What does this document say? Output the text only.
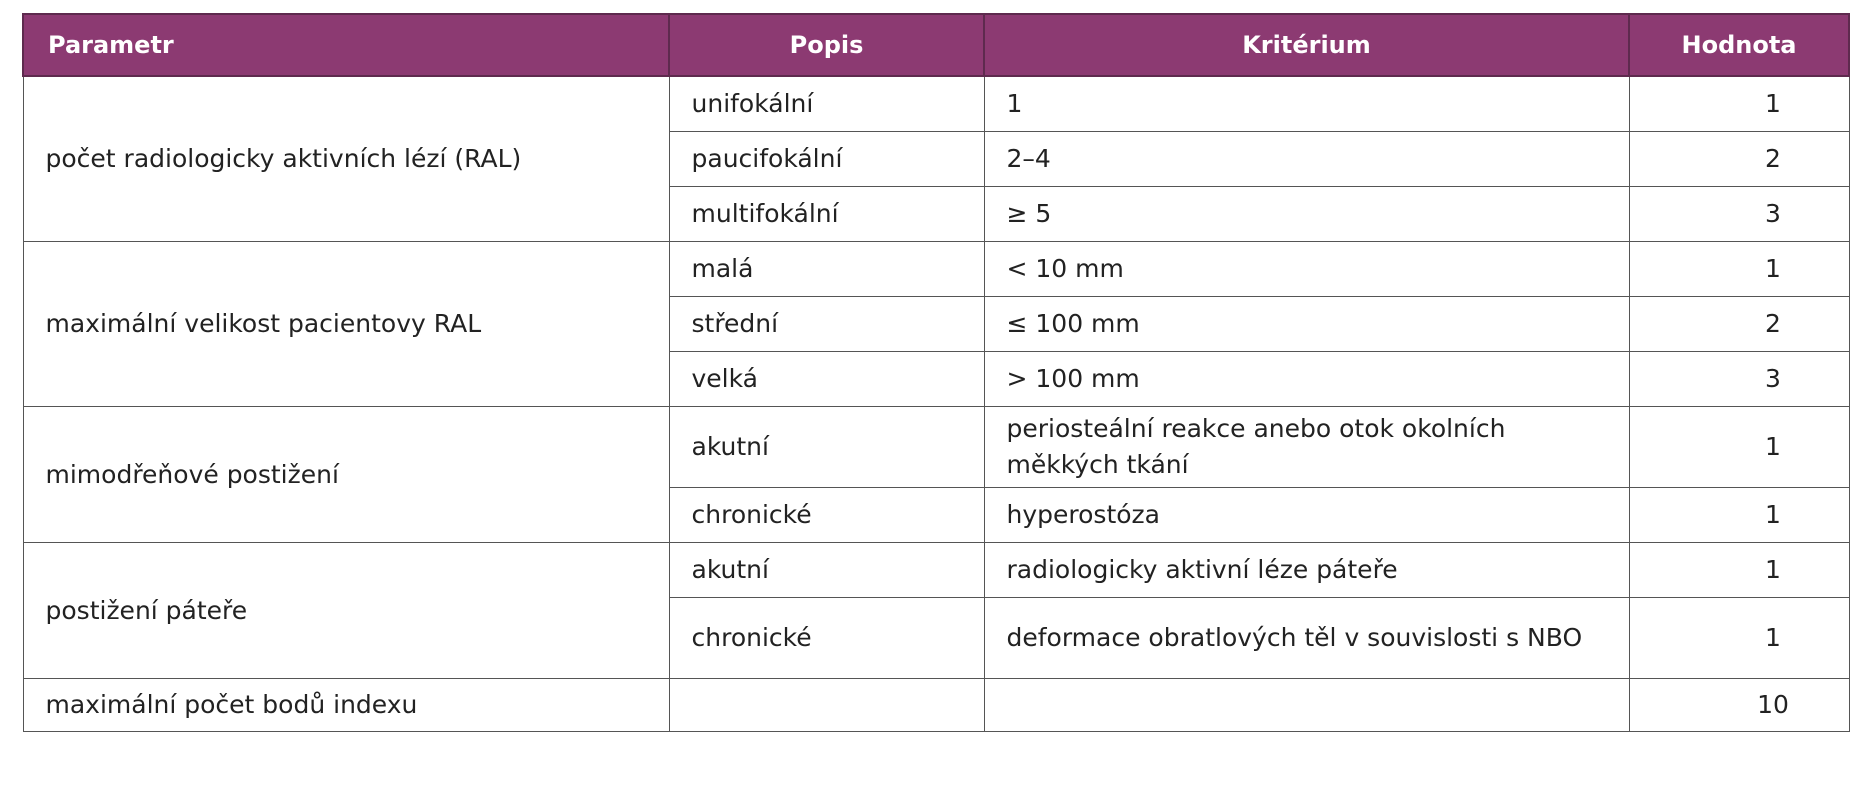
Parametr	Popis	Kritérium	Hodnota
počet radiologicky aktivních lézí (RAL)	unifokální	1	1
	paucifokální	2–4	2
	multifokální	≥ 5	3
maximální velikost pacientovy RAL	malá	< 10 mm	1
	střední	≤ 100 mm	2
	velká	> 100 mm	3
mimodřeňové postižení	akutní	periosteální reakce anebo otok okolních měkkých tkání	1
	chronické	hyperostóza	1
postižení páteře	akutní	radiologicky aktivní léze páteře	1
	chronické	deformace obratlových těl v souvislosti s NBO	1
maximální počet bodů indexu			10
